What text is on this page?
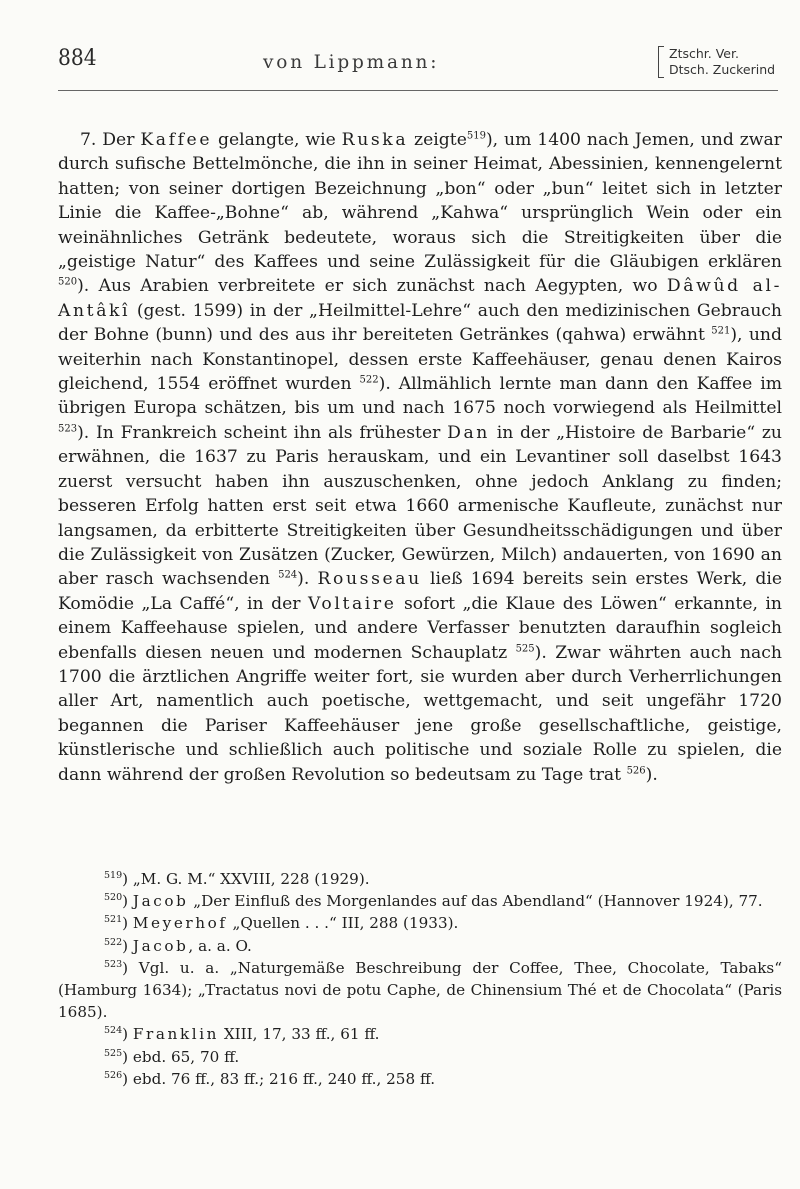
884	von Lippmann:	Ztschr. Ver.
Dtsch. Zuckerind

7. Der Kaffee gelangte, wie Ruska zeigte$^{519}$), um 1400 nach Jemen, und zwar durch sufische Bettelmönche, die ihn in seiner Heimat, Abessinien, kennengelernt hatten; von seiner dortigen Bezeichnung „bon“ oder „bun“ leitet sich in letzter Linie die Kaffee-„Bohne“ ab, während „Kahwa“ ursprünglich Wein oder ein weinähnliches Getränk bedeutete, woraus sich die Streitigkeiten über die „geistige Natur“ des Kaffees und seine Zulässigkeit für die Gläubigen erklären $^{520}$). Aus Arabien verbreitete er sich zunächst nach Aegypten, wo Dâwûd al-Antâkî (gest. 1599) in der „Heilmittel-Lehre“ auch den medizinischen Gebrauch der Bohne (bunn) und des aus ihr bereiteten Getränkes (qahwa) erwähnt $^{521}$), und weiterhin nach Konstantinopel, dessen erste Kaffeehäuser, genau denen Kairos gleichend, 1554 eröffnet wurden $^{522}$). Allmählich lernte man dann den Kaffee im übrigen Europa schätzen, bis um und nach 1675 noch vorwiegend als Heilmittel $^{523}$). In Frankreich scheint ihn als frühester Dan in der „Histoire de Barbarie“ zu erwähnen, die 1637 zu Paris herauskam, und ein Levantiner soll daselbst 1643 zuerst versucht haben ihn auszuschenken, ohne jedoch Anklang zu finden; besseren Erfolg hatten erst seit etwa 1660 armenische Kaufleute, zunächst nur langsamen, da erbitterte Streitigkeiten über Gesundheitsschädigungen und über die Zulässigkeit von Zusätzen (Zucker, Gewürzen, Milch) andauerten, von 1690 an aber rasch wachsenden $^{524}$). Rousseau ließ 1694 bereits sein erstes Werk, die Komödie „La Caffé“, in der Voltaire sofort „die Klaue des Löwen“ erkannte, in einem Kaffeehause spielen, und andere Verfasser benutzten daraufhin sogleich ebenfalls diesen neuen und modernen Schauplatz $^{525}$). Zwar währten auch nach 1700 die ärztlichen Angriffe weiter fort, sie wurden aber durch Verherrlichungen aller Art, namentlich auch poetische, wettgemacht, und seit ungefähr 1720 begannen die Pariser Kaffeehäuser jene große gesellschaftliche, geistige, künstlerische und schließlich auch politische und soziale Rolle zu spielen, die dann während der großen Revolution so bedeutsam zu Tage trat $^{526}$).

$^{519}$) „M. G. M.“ XXVIII, 228 (1929).

$^{520}$) Jacob „Der Einfluß des Morgenlandes auf das Abendland“ (Hannover 1924), 77.

$^{521}$) Meyerhof „Quellen . . .“ III, 288 (1933).

$^{522}$) Jacob, a. a. O.

$^{523}$) Vgl. u. a. „Naturgemäße Beschreibung der Coffee, Thee, Chocolate, Tabaks“ (Hamburg 1634); „Tractatus novi de potu Caphe, de Chinensium Thé et de Chocolata“ (Paris 1685).

$^{524}$) Franklin XIII, 17, 33 ff., 61 ff.

$^{525}$) ebd. 65, 70 ff.

$^{526}$) ebd. 76 ff., 83 ff.; 216 ff., 240 ff., 258 ff.
